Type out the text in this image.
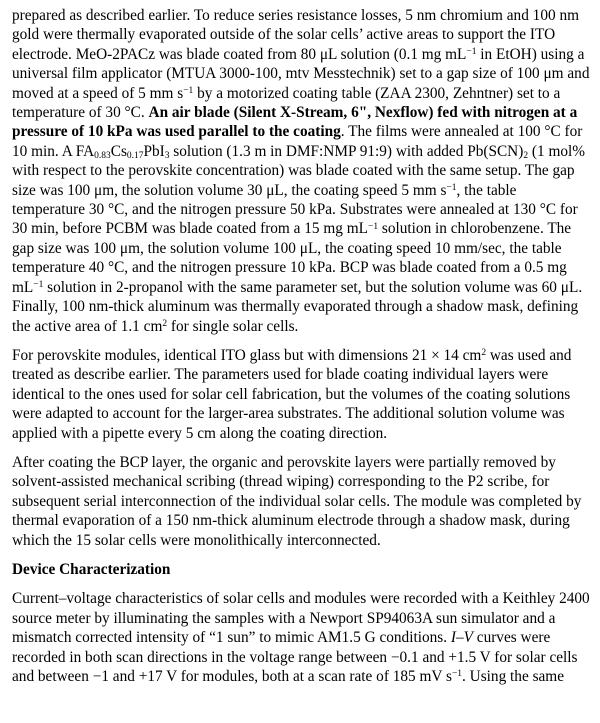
prepared as described earlier. To reduce series resistance losses, 5 nm chromium and 100 nm gold were thermally evaporated outside of the solar cells’ active areas to support the ITO electrode. MeO-2PACz was blade coated from 80 μL solution (0.1 mg $mL^{-1}$ in EtOH) using a universal film applicator (MTUA 3000-100, mtv Messtechnik) set to a gap size of 100 μm and moved at a speed of 5 mm $s^{-1}$ by a motorized coating table (ZAA 2300, Zehntner) set to a temperature of 30 °C. An air blade (Silent X-Stream, 6", Nexflow) fed with nitrogen at a pressure of 10 kPa was used parallel to the coating. The films were annealed at 100 °C for 10 min. A $FA_{0.83}Cs_{0.17}PbI_3$ solution (1.3 m in DMF:NMP 91:9) with added $Pb(SCN)_2$ (1 mol% with respect to the perovskite concentration) was blade coated with the same setup. The gap size was 100 μm, the solution volume 30 μL, the coating speed 5 mm $s^{-1}$, the table temperature 30 °C, and the nitrogen pressure 50 kPa. Substrates were annealed at 130 °C for 30 min, before PCBM was blade coated from a 15 mg $mL^{-1}$ solution in chlorobenzene. The gap size was 100 μm, the solution volume 100 μL, the coating speed 10 mm/sec, the table temperature 40 °C, and the nitrogen pressure 10 kPa. BCP was blade coated from a 0.5 mg $mL^{-1}$ solution in 2-propanol with the same parameter set, but the solution volume was 60 μL. Finally, 100 nm-thick aluminum was thermally evaporated through a shadow mask, defining the active area of 1.1 $cm^2$ for single solar cells.

For perovskite modules, identical ITO glass but with dimensions 21 × 14 $cm^2$ was used and treated as describe earlier. The parameters used for blade coating individual layers were identical to the ones used for solar cell fabrication, but the volumes of the coating solutions were adapted to account for the larger-area substrates. The additional solution volume was applied with a pipette every 5 cm along the coating direction.

After coating the BCP layer, the organic and perovskite layers were partially removed by solvent-assisted mechanical scribing (thread wiping) corresponding to the P2 scribe, for subsequent serial interconnection of the individual solar cells. The module was completed by thermal evaporation of a 150 nm-thick aluminum electrode through a shadow mask, during which the 15 solar cells were monolithically interconnected.

Device Characterization

Current–voltage characteristics of solar cells and modules were recorded with a Keithley 2400 source meter by illuminating the samples with a Newport SP94063A sun simulator and a mismatch corrected intensity of “1 sun” to mimic AM1.5 G conditions. I–V curves were recorded in both scan directions in the voltage range between −0.1 and +1.5 V for solar cells and between −1 and +17 V for modules, both at a scan rate of 185 mV $s^{-1}$. Using the same
